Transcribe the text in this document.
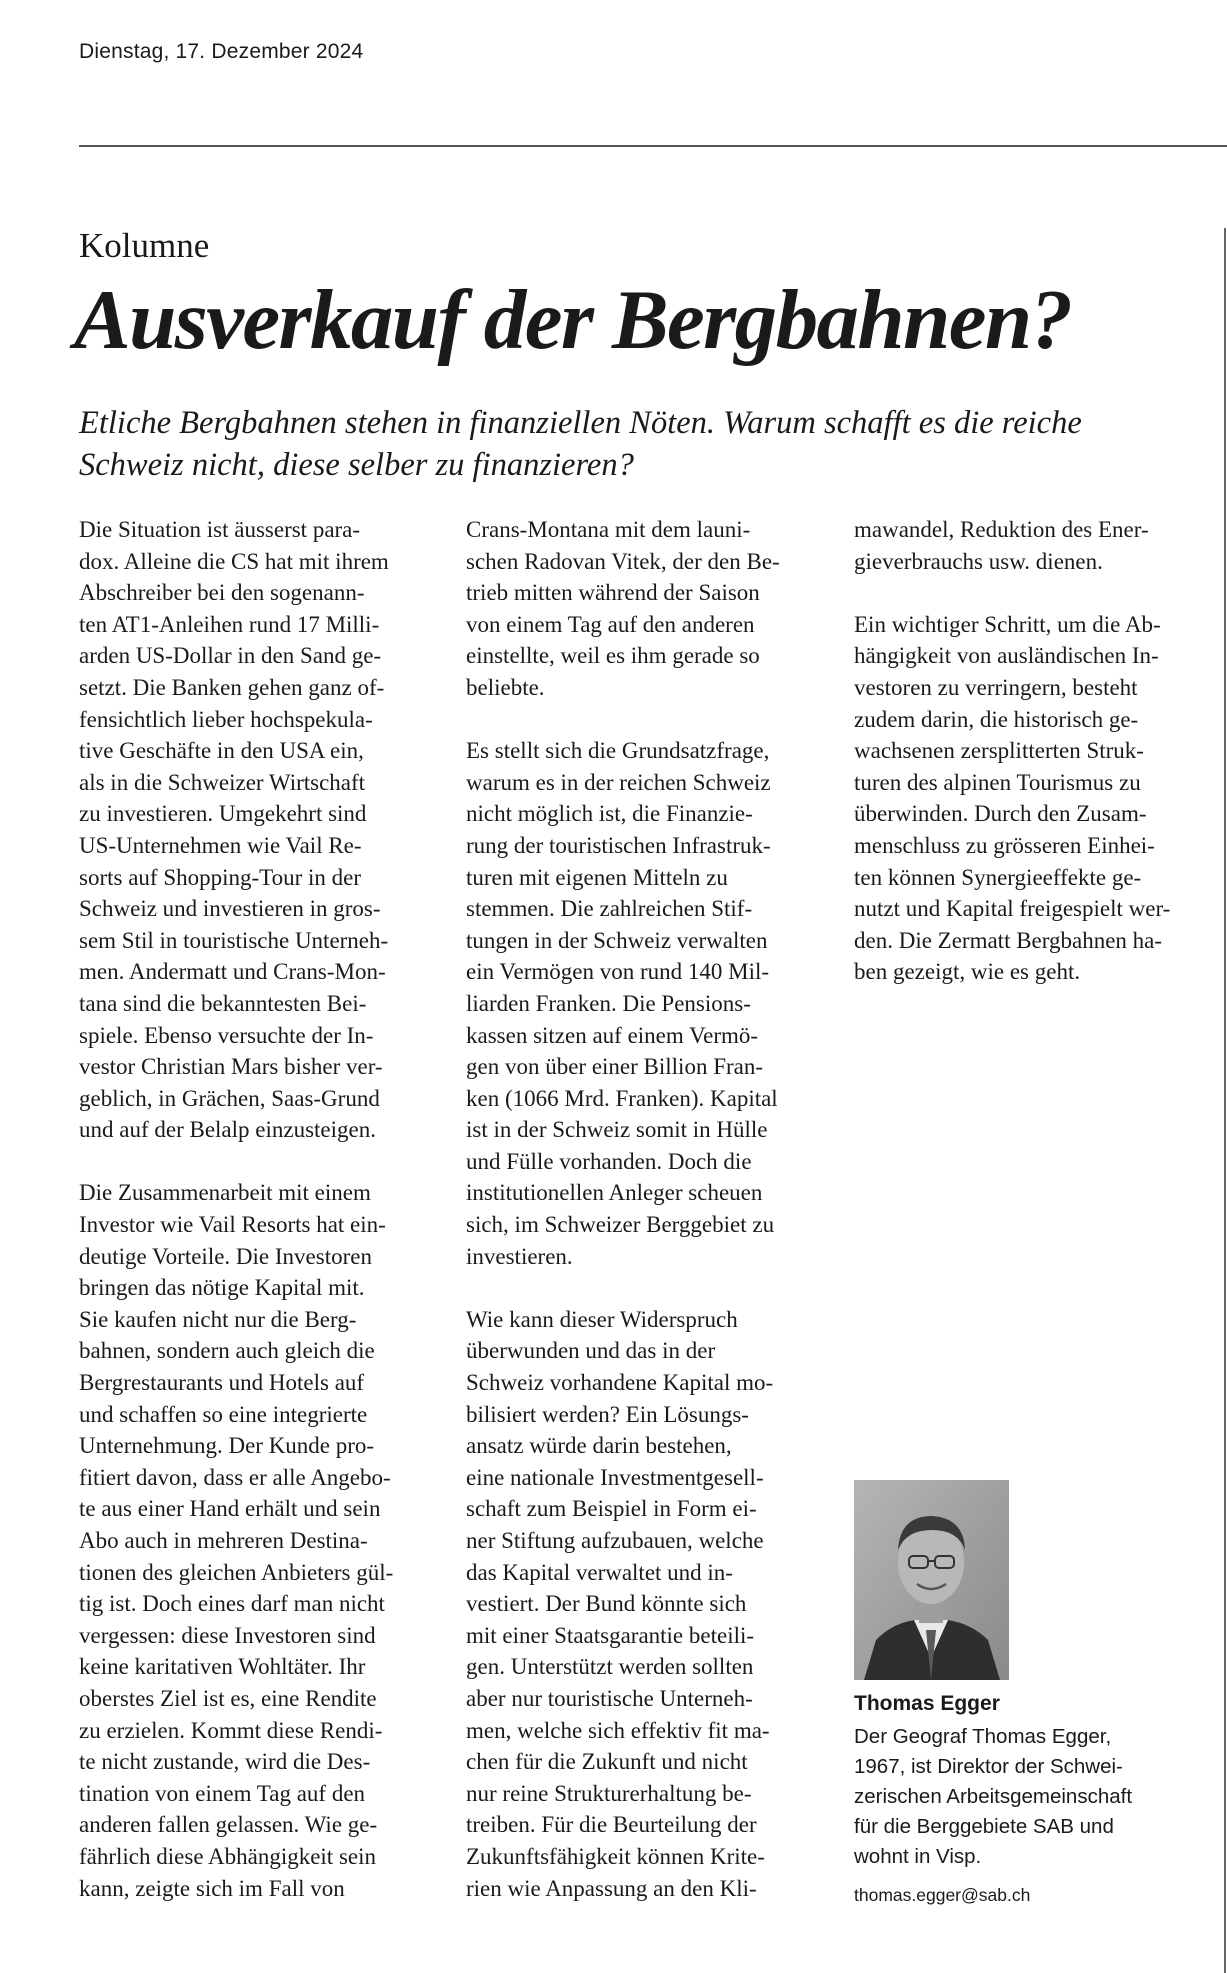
Dienstag, 17. Dezember 2024
Kolumne
Ausverkauf der Bergbahnen?

Etliche Bergbahnen stehen in finanziellen Nöten. Warum schafft es die reiche Schweiz nicht, diese selber zu finanzieren?

Die Situation ist äusserst para-
dox. Alleine die CS hat mit ihrem
Abschreiber bei den sogenann-
ten AT1-Anleihen rund 17 Milli-
arden US-Dollar in den Sand ge-
setzt. Die Banken gehen ganz of-
fensichtlich lieber hochspekula-
tive Geschäfte in den USA ein,
als in die Schweizer Wirtschaft
zu investieren. Umgekehrt sind
US-Unternehmen wie Vail Re-
sorts auf Shopping-Tour in der
Schweiz und investieren in gros-
sem Stil in touristische Unterneh-
men. Andermatt und Crans-Mon-
tana sind die bekanntesten Bei-
spiele. Ebenso versuchte der In-
vestor Christian Mars bisher ver-
geblich, in Grächen, Saas-Grund
und auf der Belalp einzusteigen.
Die Zusammenarbeit mit einem
Investor wie Vail Resorts hat ein-
deutige Vorteile. Die Investoren
bringen das nötige Kapital mit.
Sie kaufen nicht nur die Berg-
bahnen, sondern auch gleich die
Bergrestaurants und Hotels auf
und schaffen so eine integrierte
Unternehmung. Der Kunde pro-
fitiert davon, dass er alle Angebo-
te aus einer Hand erhält und sein
Abo auch in mehreren Destina-
tionen des gleichen Anbieters gül-
tig ist. Doch eines darf man nicht
vergessen: diese Investoren sind
keine karitativen Wohltäter. Ihr
oberstes Ziel ist es, eine Rendite
zu erzielen. Kommt diese Rendi-
te nicht zustande, wird die Des-
tination von einem Tag auf den
anderen fallen gelassen. Wie ge-
fährlich diese Abhängigkeit sein
kann, zeigte sich im Fall von
Crans-Montana mit dem launi-
schen Radovan Vitek, der den Be-
trieb mitten während der Saison
von einem Tag auf den anderen
einstellte, weil es ihm gerade so
beliebte.
Es stellt sich die Grundsatzfrage,
warum es in der reichen Schweiz
nicht möglich ist, die Finanzie-
rung der touristischen Infrastruk-
turen mit eigenen Mitteln zu
stemmen. Die zahlreichen Stif-
tungen in der Schweiz verwalten
ein Vermögen von rund 140 Mil-
liarden Franken. Die Pensions-
kassen sitzen auf einem Vermö-
gen von über einer Billion Fran-
ken (1066 Mrd. Franken). Kapital
ist in der Schweiz somit in Hülle
und Fülle vorhanden. Doch die
institutionellen Anleger scheuen
sich, im Schweizer Berggebiet zu
investieren.
Wie kann dieser Widerspruch
überwunden und das in der
Schweiz vorhandene Kapital mo-
bilisiert werden? Ein Lösungs-
ansatz würde darin bestehen,
eine nationale Investmentgesell-
schaft zum Beispiel in Form ei-
ner Stiftung aufzubauen, welche
das Kapital verwaltet und in-
vestiert. Der Bund könnte sich
mit einer Staatsgarantie beteili-
gen. Unterstützt werden sollten
aber nur touristische Unterneh-
men, welche sich effektiv fit ma-
chen für die Zukunft und nicht
nur reine Strukturerhaltung be-
treiben. Für die Beurteilung der
Zukunftsfähigkeit können Krite-
rien wie Anpassung an den Kli-
mawandel, Reduktion des Ener-
gieverbrauchs usw. dienen.
Ein wichtiger Schritt, um die Ab-
hängigkeit von ausländischen In-
vestoren zu verringern, besteht
zudem darin, die historisch ge-
wachsenen zersplitterten Struk-
turen des alpinen Tourismus zu
überwinden. Durch den Zusam-
menschluss zu grösseren Einhei-
ten können Synergieeffekte ge-
nutzt und Kapital freigespielt wer-
den. Die Zermatt Bergbahnen ha-
ben gezeigt, wie es geht.
Thomas Egger
Der Geograf Thomas Egger,
1967, ist Direktor der Schwei-
zerischen Arbeitsgemeinschaft
für die Berggebiete SAB und
wohnt in Visp.
thomas.egger@sab.ch
